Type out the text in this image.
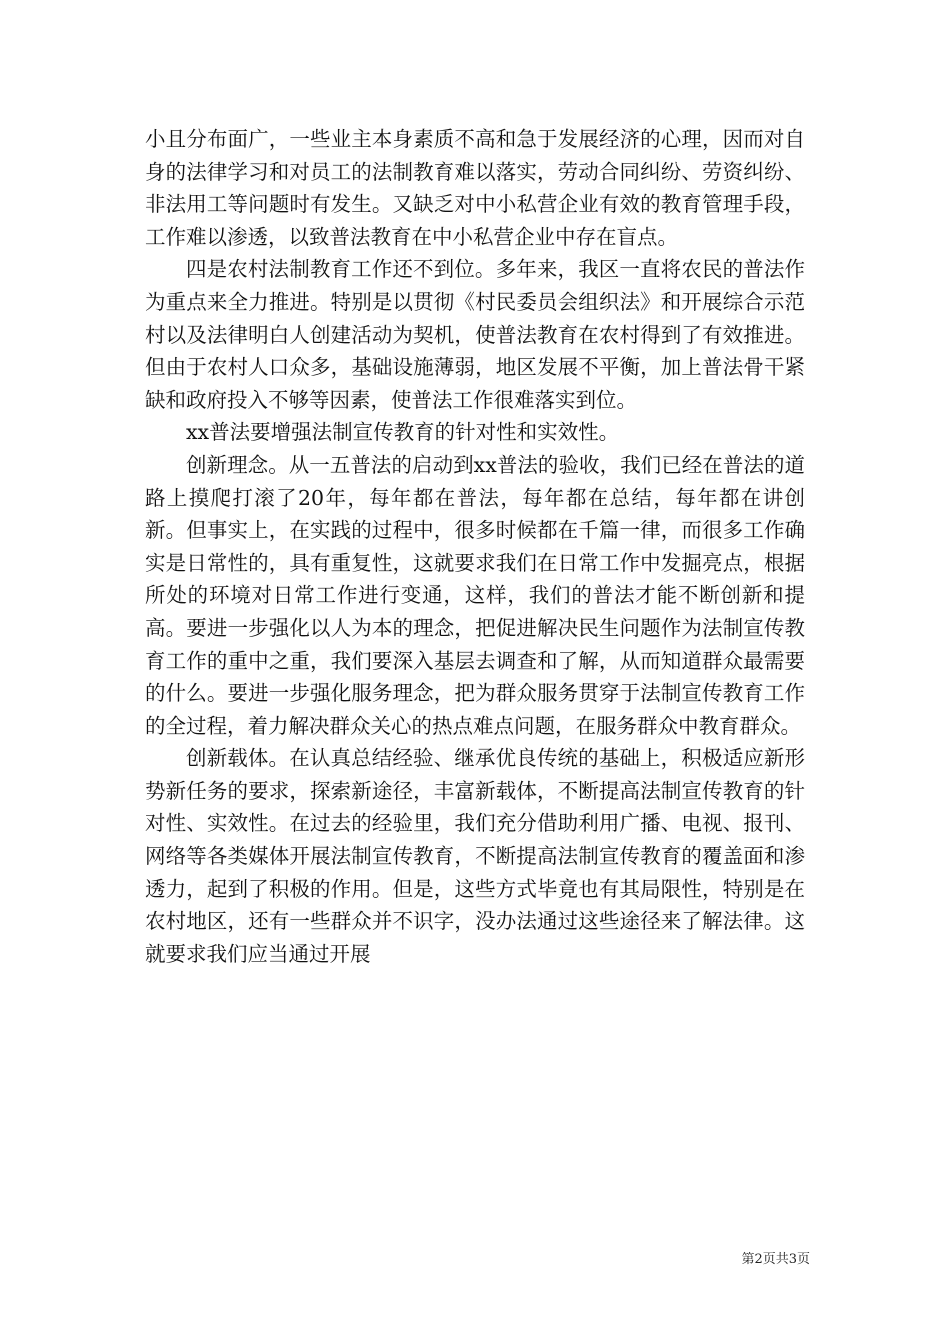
小且分布面广，一些业主本身素质不高和急于发展经济的心理，因而对自身的法律学习和对员工的法制教育难以落实，劳动合同纠纷、劳资纠纷、非法用工等问题时有发生。又缺乏对中小私营企业有效的教育管理手段，工作难以渗透，以致普法教育在中小私营企业中存在盲点。

四是农村法制教育工作还不到位。多年来，我区一直将农民的普法作为重点来全力推进。特别是以贯彻《村民委员会组织法》和开展综合示范村以及法律明白人创建活动为契机，使普法教育在农村得到了有效推进。但由于农村人口众多，基础设施薄弱，地区发展不平衡，加上普法骨干紧缺和政府投入不够等因素，使普法工作很难落实到位。

xx普法要增强法制宣传教育的针对性和实效性。

创新理念。从一五普法的启动到xx普法的验收，我们已经在普法的道路上摸爬打滚了20年，每年都在普法，每年都在总结，每年都在讲创新。但事实上，在实践的过程中，很多时候都在千篇一律，而很多工作确实是日常性的，具有重复性，这就要求我们在日常工作中发掘亮点，根据所处的环境对日常工作进行变通，这样，我们的普法才能不断创新和提高。要进一步强化以人为本的理念，把促进解决民生问题作为法制宣传教育工作的重中之重，我们要深入基层去调查和了解，从而知道群众最需要的什么。要进一步强化服务理念，把为群众服务贯穿于法制宣传教育工作的全过程，着力解决群众关心的热点难点问题，在服务群众中教育群众。

创新载体。在认真总结经验、继承优良传统的基础上，积极适应新形势新任务的要求，探索新途径，丰富新载体，不断提高法制宣传教育的针对性、实效性。在过去的经验里，我们充分借助利用广播、电视、报刊、网络等各类媒体开展法制宣传教育，不断提高法制宣传教育的覆盖面和渗透力，起到了积极的作用。但是，这些方式毕竟也有其局限性，特别是在农村地区，还有一些群众并不识字，没办法通过这些途径来了解法律。这就要求我们应当通过开展

第2页共3页
